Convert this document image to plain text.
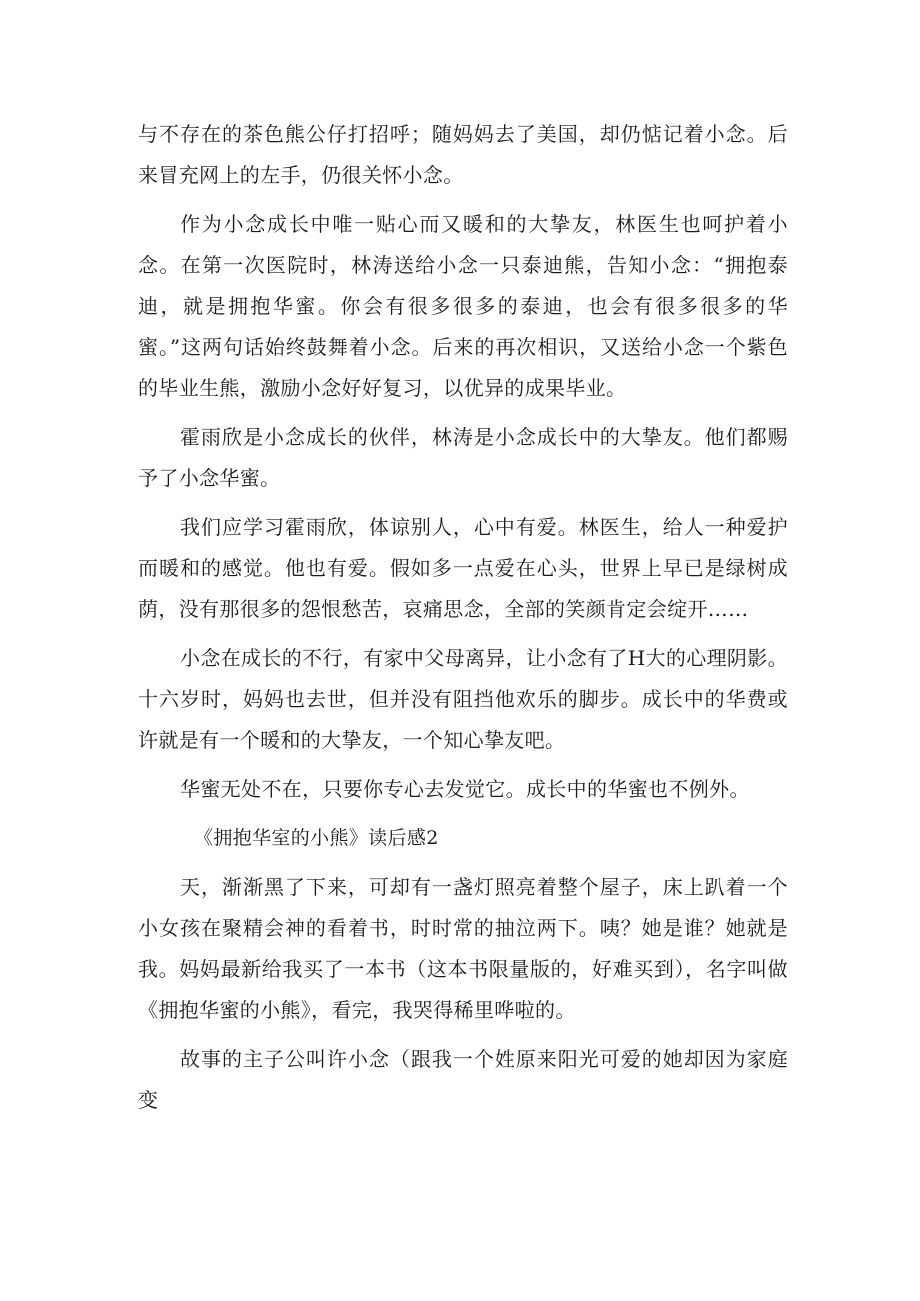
与不存在的茶色熊公仔打招呼；随妈妈去了美国，却仍惦记着小念。后来冒充网上的左手，仍很关怀小念。

作为小念成长中唯一贴心而又暖和的大挚友，林医生也呵护着小念。在第一次医院时，林涛送给小念一只泰迪熊，告知小念：“拥抱泰迪，就是拥抱华蜜。你会有很多很多的泰迪，也会有很多很多的华蜜。”这两句话始终鼓舞着小念。后来的再次相识，又送给小念一个紫色的毕业生熊，激励小念好好复习，以优异的成果毕业。

霍雨欣是小念成长的伙伴，林涛是小念成长中的大挚友。他们都赐予了小念华蜜。

我们应学习霍雨欣，体谅别人，心中有爱。林医生，给人一种爱护而暖和的感觉。他也有爱。假如多一点爱在心头，世界上早已是绿树成荫，没有那很多的怨恨愁苦，哀痛思念，全部的笑颜肯定会绽开……

小念在成长的不行，有家中父母离异，让小念有了H大的心理阴影。十六岁时，妈妈也去世，但并没有阻挡他欢乐的脚步。成长中的华费或许就是有一个暖和的大挚友，一个知心挚友吧。

华蜜无处不在，只要你专心去发觉它。成长中的华蜜也不例外。

《拥抱华室的小熊》读后感2

天，渐渐黑了下来，可却有一盏灯照亮着整个屋子，床上趴着一个小女孩在聚精会神的看着书，时时常的抽泣两下。咦？她是谁？她就是我。妈妈最新给我买了一本书（这本书限量版的，好难买到），名字叫做《拥抱华蜜的小熊》，看完，我哭得稀里哗啦的。

故事的主子公叫许小念（跟我一个姓原来阳光可爱的她却因为家庭变
